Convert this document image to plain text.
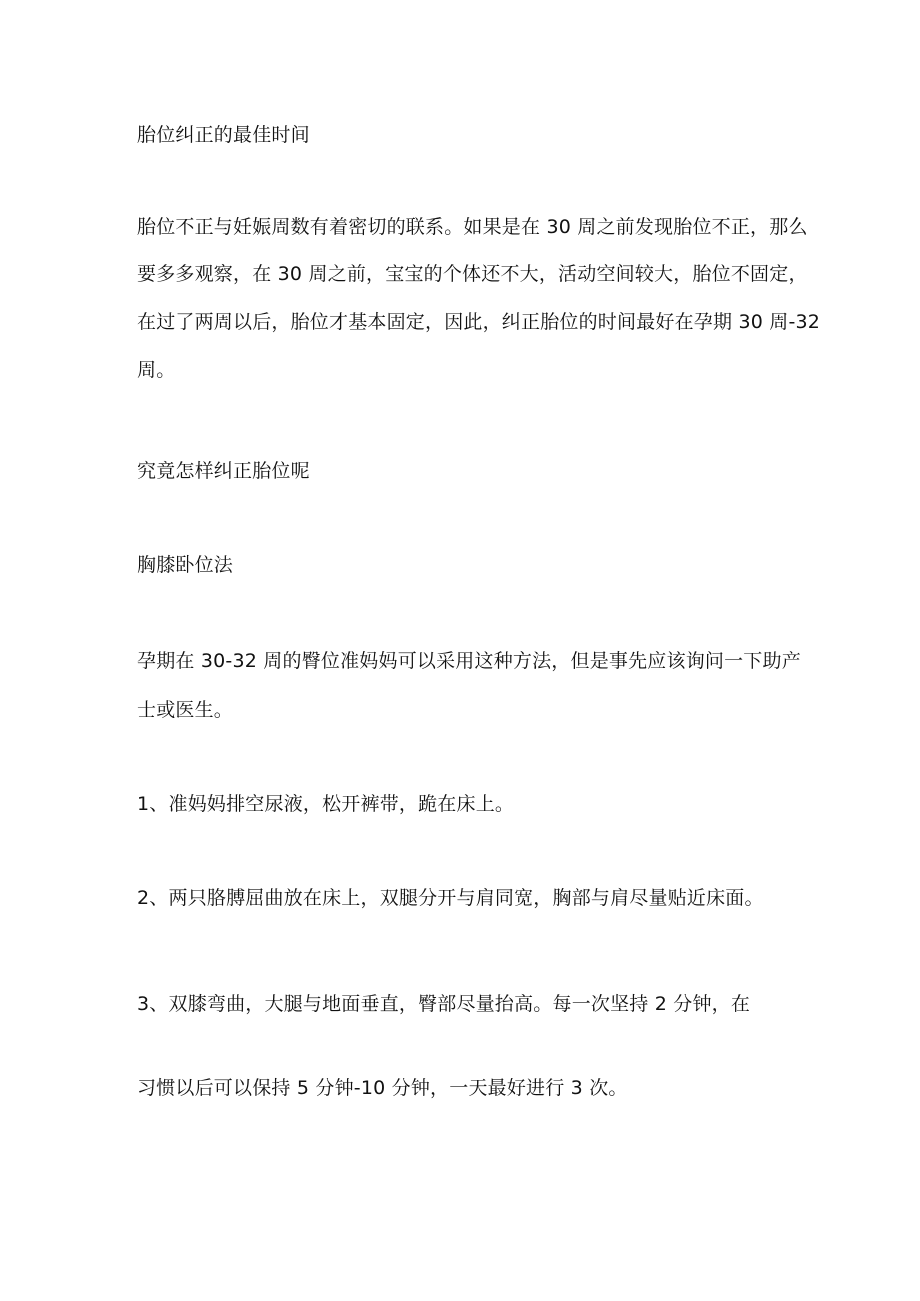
胎位纠正的最佳时间
胎位不正与妊娠周数有着密切的联系。如果是在 30 周之前发现胎位不正，那么
要多多观察，在 30 周之前，宝宝的个体还不大，活动空间较大，胎位不固定，
在过了两周以后，胎位才基本固定，因此，纠正胎位的时间最好在孕期 30 周-32
周。
究竟怎样纠正胎位呢
胸膝卧位法
孕期在 30-32 周的臀位准妈妈可以采用这种方法，但是事先应该询问一下助产
士或医生。
1、准妈妈排空尿液，松开裤带，跪在床上。
2、两只胳膊屈曲放在床上，双腿分开与肩同宽，胸部与肩尽量贴近床面。
3、双膝弯曲，大腿与地面垂直，臀部尽量抬高。每一次坚持 2 分钟，在
习惯以后可以保持 5 分钟-10 分钟，一天最好进行 3 次。
